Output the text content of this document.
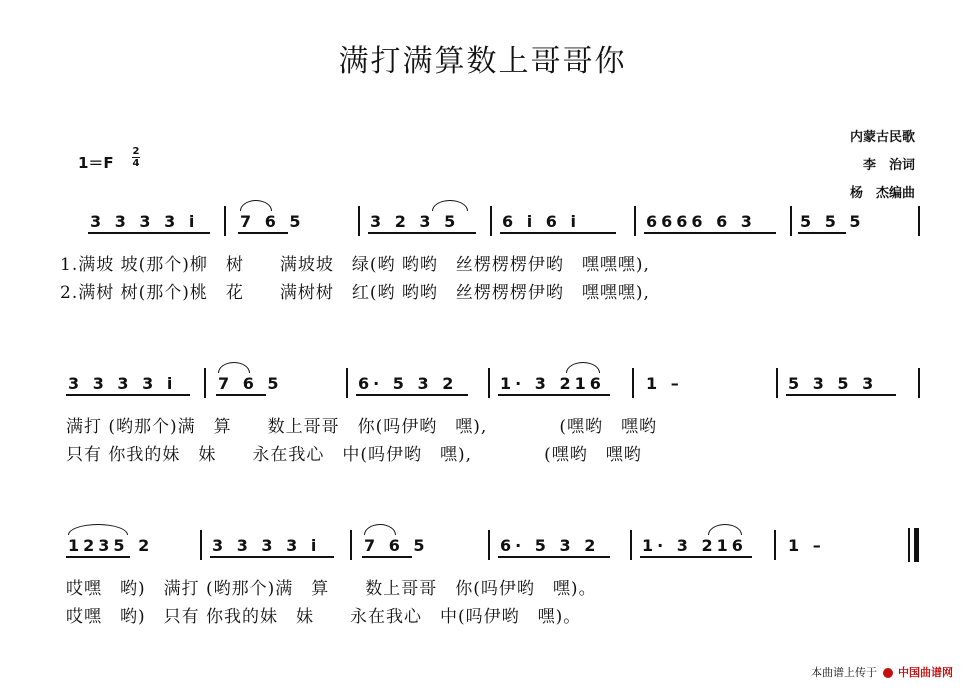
满打满算数上哥哥你
1＝F
2
4
内蒙古民歌
李　治词
杨　杰编曲
3 3 3 3 i	7 6 5	3 2 3 5	6 i 6 i	6666 6 3	5 5 5
1.满坡 坡(那个)柳　树　　满坡坡　绿(哟 哟哟　丝楞楞楞伊哟　嘿嘿嘿),
2.满树 树(那个)桃　花　　满树树　红(哟 哟哟　丝楞楞楞伊哟　嘿嘿嘿),
3 3 3 3 i	7 6 5	6· 5 3 2	1· 3 216	1 –	5 3 5 3
满打 (哟那个)满　算　　数上哥哥　你(吗伊哟　嘿),　　　　(嘿哟　嘿哟
只有 你我的妹　妹　　永在我心　中(吗伊哟　嘿),　　　　(嘿哟　嘿哟
1235 2	3 3 3 3 i	7 6 5	6· 5 3 2	1· 3 216	1 –
哎嘿　哟)　满打 (哟那个)满　算　　数上哥哥　你(吗伊哟　嘿)。
哎嘿　哟)　只有 你我的妹　妹　　永在我心　中(吗伊哟　嘿)。
本曲谱上传于 中国曲谱网
